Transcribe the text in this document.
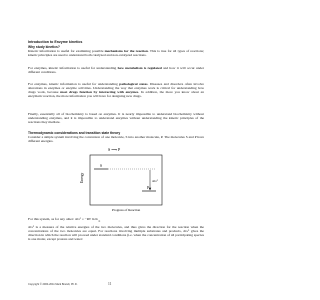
Introduction to Enzyme kinetics

Why study kinetics?

Kinetic information is useful for examining possible mechanisms for the reaction. This is true for all types of reactions; kinetic principles are used to understand both catalyzed and non-catalyzed reactions.

For enzymes, kinetic information is useful for understanding how metabolism is regulated and how it will occur under different conditions.

For enzymes, kinetic information is useful for understanding pathological states. Diseases and disorders often involve alterations in enzymes or enzyme activities. Understanding the way that enzymes work is critical for understanding how drugs work, because most drugs function by interacting with enzymes. In addition, the more you know about an enzymatic reaction, the more information you will have for designing new drugs.

Finally, essentially all of biochemistry is based on enzymes. It is nearly impossible to understand biochemistry without understanding enzymes, and it is impossible to understand enzymes without understanding the kinetic principles of the reactions they mediate.

Thermodynamic considerations and transition state theory

Consider a simple system involving the conversion of one molecule, S into another molecule, P. The molecules S and P have different energies.

S ⟶ P
Energy
S
P
ΔG°
Progress of Reaction

For this system, as for any other: ΔG° = −RT $\ln K_{eq}$

ΔG° is a measure of the relative energies of the two molecules, and thus gives the direction for the reaction when the concentrations of the two molecules are equal. For reactions involving multiple substrates and products, ΔG° gives the direction in which the reaction will proceed under standard conditions (i.e. when the concentration of all participating species is one molar, except protons and water:

Copyright © 2000-2011 Mark Brandt, Ph.D.	11
